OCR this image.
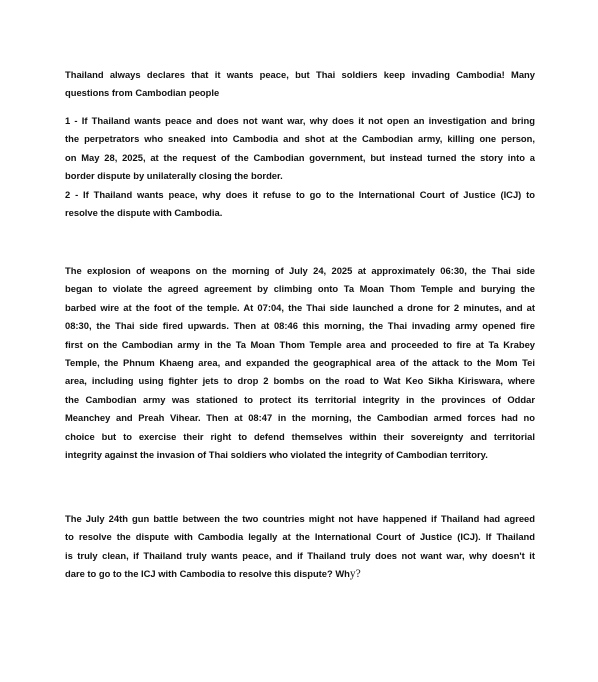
Thailand always declares that it wants peace, but Thai soldiers keep invading Cambodia! Many
questions from Cambodian people

1 - If Thailand wants peace and does not want war, why does it not open an investigation and bring
the perpetrators who sneaked into Cambodia and shot at the Cambodian army, killing one person,
on May 28, 2025, at the request of the Cambodian government, but instead turned the story into a
border dispute by unilaterally closing the border.

2 - If Thailand wants peace, why does it refuse to go to the International Court of Justice (ICJ) to
resolve the dispute with Cambodia.

The explosion of weapons on the morning of July 24, 2025 at approximately 06:30, the Thai side
began to violate the agreed agreement by climbing onto Ta Moan Thom Temple and burying the
barbed wire at the foot of the temple. At 07:04, the Thai side launched a drone for 2 minutes, and at
08:30, the Thai side fired upwards. Then at 08:46 this morning, the Thai invading army opened fire
first on the Cambodian army in the Ta Moan Thom Temple area and proceeded to fire at Ta Krabey
Temple, the Phnum Khaeng area, and expanded the geographical area of the attack to the Mom Tei
area, including using fighter jets to drop 2 bombs on the road to Wat Keo Sikha Kiriswara, where
the Cambodian army was stationed to protect its territorial integrity in the provinces of Oddar
Meanchey and Preah Vihear. Then at 08:47 in the morning, the Cambodian armed forces had no
choice but to exercise their right to defend themselves within their sovereignty and territorial
integrity against the invasion of Thai soldiers who violated the integrity of Cambodian territory.

The July 24th gun battle between the two countries might not have happened if Thailand had agreed
to resolve the dispute with Cambodia legally at the International Court of Justice (ICJ). If Thailand
is truly clean, if Thailand truly wants peace, and if Thailand truly does not want war, why doesn't it
dare to go to the ICJ with Cambodia to resolve this dispute? Why?
